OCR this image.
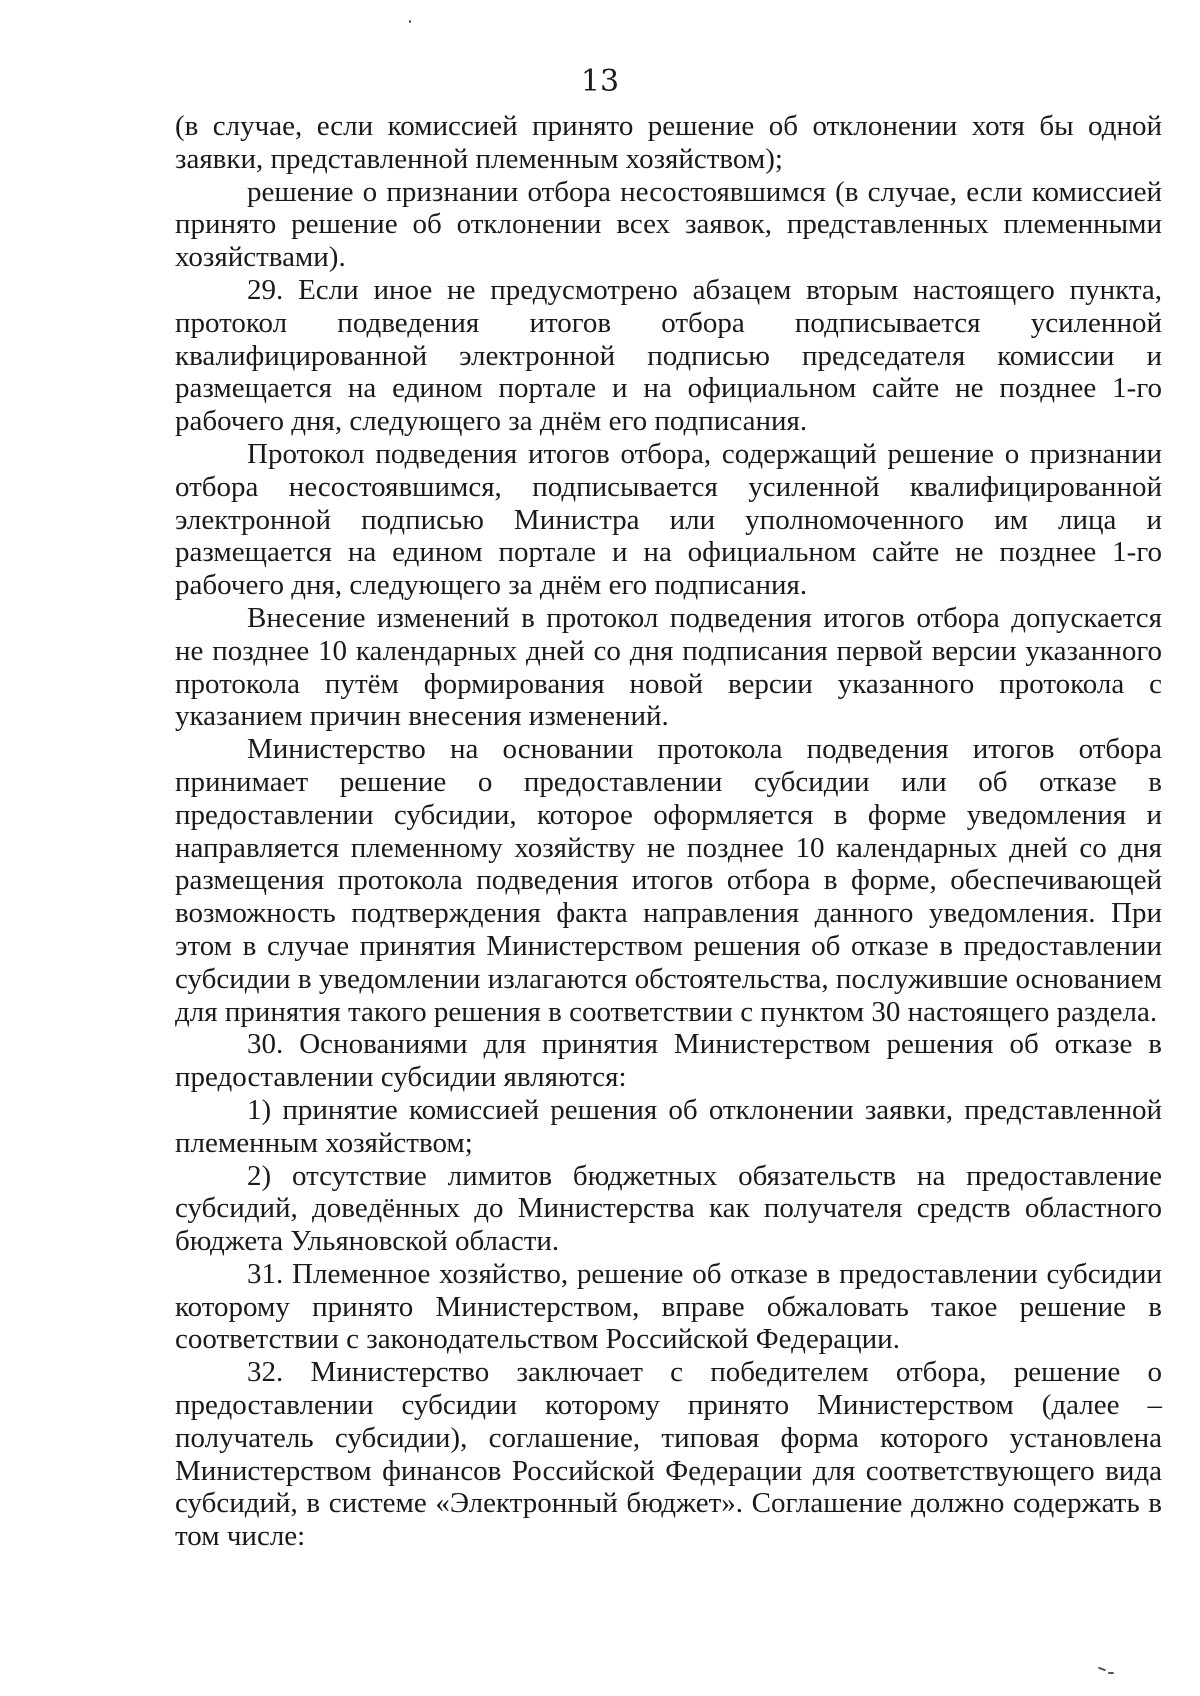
13

(в случае, если комиссией принято решение об отклонении хотя бы одной заявки, представленной племенным хозяйством);

решение о признании отбора несостоявшимся (в случае, если комиссией принято решение об отклонении всех заявок, представленных племенными хозяйствами).

29. Если иное не предусмотрено абзацем вторым настоящего пункта, протокол подведения итогов отбора подписывается усиленной квалифицированной электронной подписью председателя комиссии и размещается на едином портале и на официальном сайте не позднее 1-го рабочего дня, следующего за днём его подписания.

Протокол подведения итогов отбора, содержащий решение о признании отбора несостоявшимся, подписывается усиленной квалифицированной электронной подписью Министра или уполномоченного им лица и размещается на едином портале и на официальном сайте не позднее 1-го рабочего дня, следующего за днём его подписания.

Внесение изменений в протокол подведения итогов отбора допускается не позднее 10 календарных дней со дня подписания первой версии указанного протокола путём формирования новой версии указанного протокола с указанием причин внесения изменений.

Министерство на основании протокола подведения итогов отбора принимает решение о предоставлении субсидии или об отказе в предоставлении субсидии, которое оформляется в форме уведомления и направляется племенному хозяйству не позднее 10 календарных дней со дня размещения протокола подведения итогов отбора в форме, обеспечивающей возможность подтверждения факта направления данного уведомления. При этом в случае принятия Министерством решения об отказе в предоставлении субсидии в уведомлении излагаются обстоятельства, послужившие основанием для принятия такого решения в соответствии с пунктом 30 настоящего раздела.

30. Основаниями для принятия Министерством решения об отказе в предоставлении субсидии являются:

1) принятие комиссией решения об отклонении заявки, представленной племенным хозяйством;

2) отсутствие лимитов бюджетных обязательств на предоставление субсидий, доведённых до Министерства как получателя средств областного бюджета Ульяновской области.

31. Племенное хозяйство, решение об отказе в предоставлении субсидии которому принято Министерством, вправе обжаловать такое решение в соответствии с законодательством Российской Федерации.

32. Министерство заключает с победителем отбора, решение о предоставлении субсидии которому принято Министерством (далее – получатель субсидии), соглашение, типовая форма которого установлена Министерством финансов Российской Федерации для соответствующего вида субсидий, в системе «Электронный бюджет». Соглашение должно содержать в том числе:
